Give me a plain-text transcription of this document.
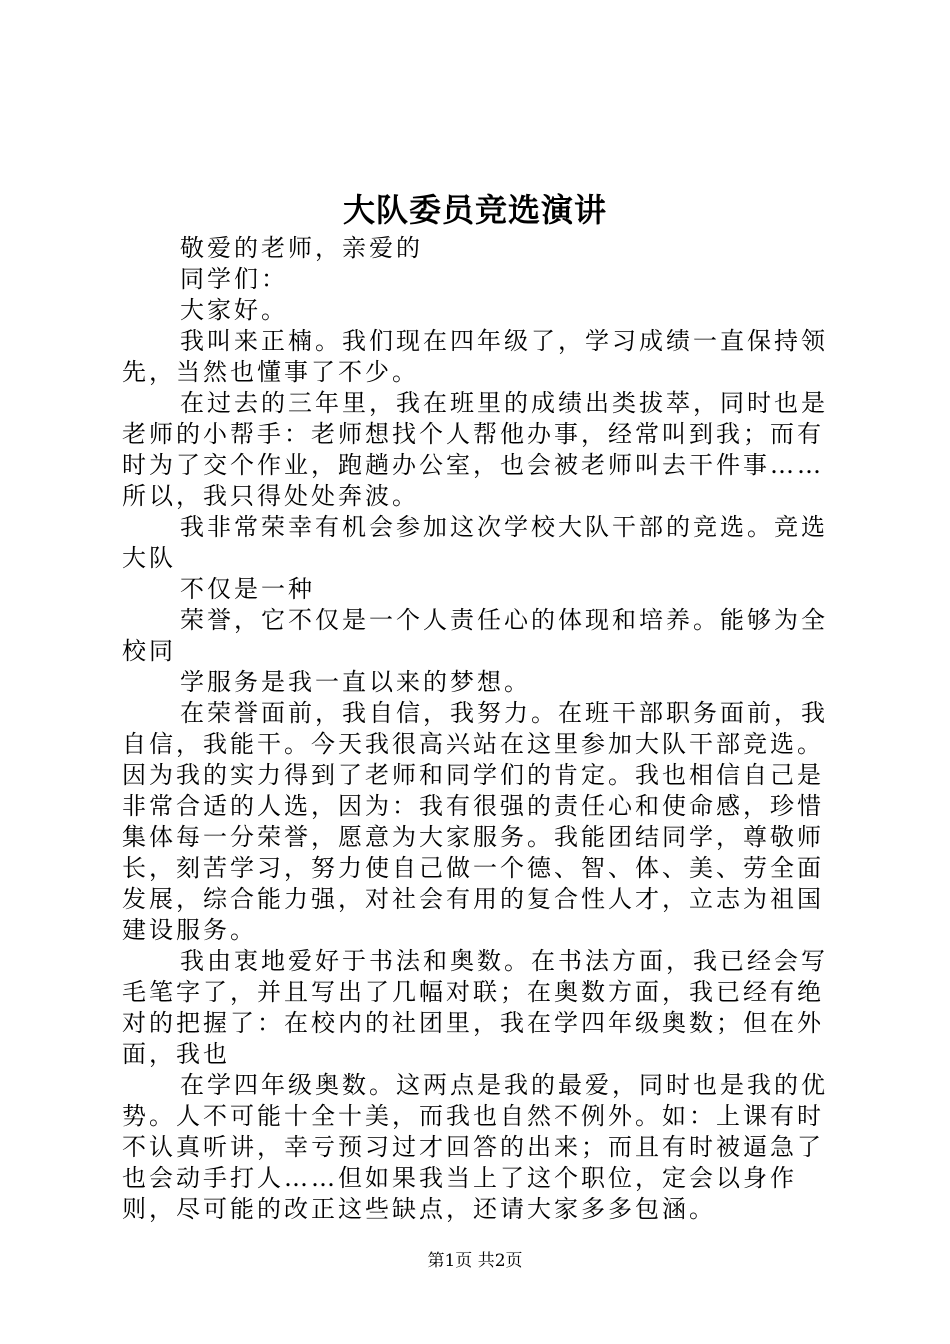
大队委员竞选演讲

敬爱的老师，亲爱的

同学们：

大家好。

我叫来正楠。我们现在四年级了，学习成绩一直保持领先，当然也懂事了不少。

在过去的三年里，我在班里的成绩出类拔萃，同时也是老师的小帮手：老师想找个人帮他办事，经常叫到我；而有时为了交个作业，跑趟办公室，也会被老师叫去干件事……所以，我只得处处奔波。

我非常荣幸有机会参加这次学校大队干部的竞选。竞选大队

不仅是一种

荣誉，它不仅是一个人责任心的体现和培养。能够为全校同

学服务是我一直以来的梦想。

在荣誉面前，我自信，我努力。在班干部职务面前，我自信，我能干。今天我很高兴站在这里参加大队干部竞选。因为我的实力得到了老师和同学们的肯定。我也相信自己是非常合适的人选，因为：我有很强的责任心和使命感，珍惜集体每一分荣誉，愿意为大家服务。我能团结同学，尊敬师长，刻苦学习，努力使自己做一个德、智、体、美、劳全面发展，综合能力强，对社会有用的复合性人才，立志为祖国建设服务。

我由衷地爱好于书法和奥数。在书法方面，我已经会写毛笔字了，并且写出了几幅对联；在奥数方面，我已经有绝对的把握了：在校内的社团里，我在学四年级奥数；但在外面，我也

在学四年级奥数。这两点是我的最爱，同时也是我的优势。人不可能十全十美，而我也自然不例外。如：上课有时不认真听讲，幸亏预习过才回答的出来；而且有时被逼急了也会动手打人……但如果我当上了这个职位，定会以身作则，尽可能的改正这些缺点，还请大家多多包涵。

第1页 共2页
